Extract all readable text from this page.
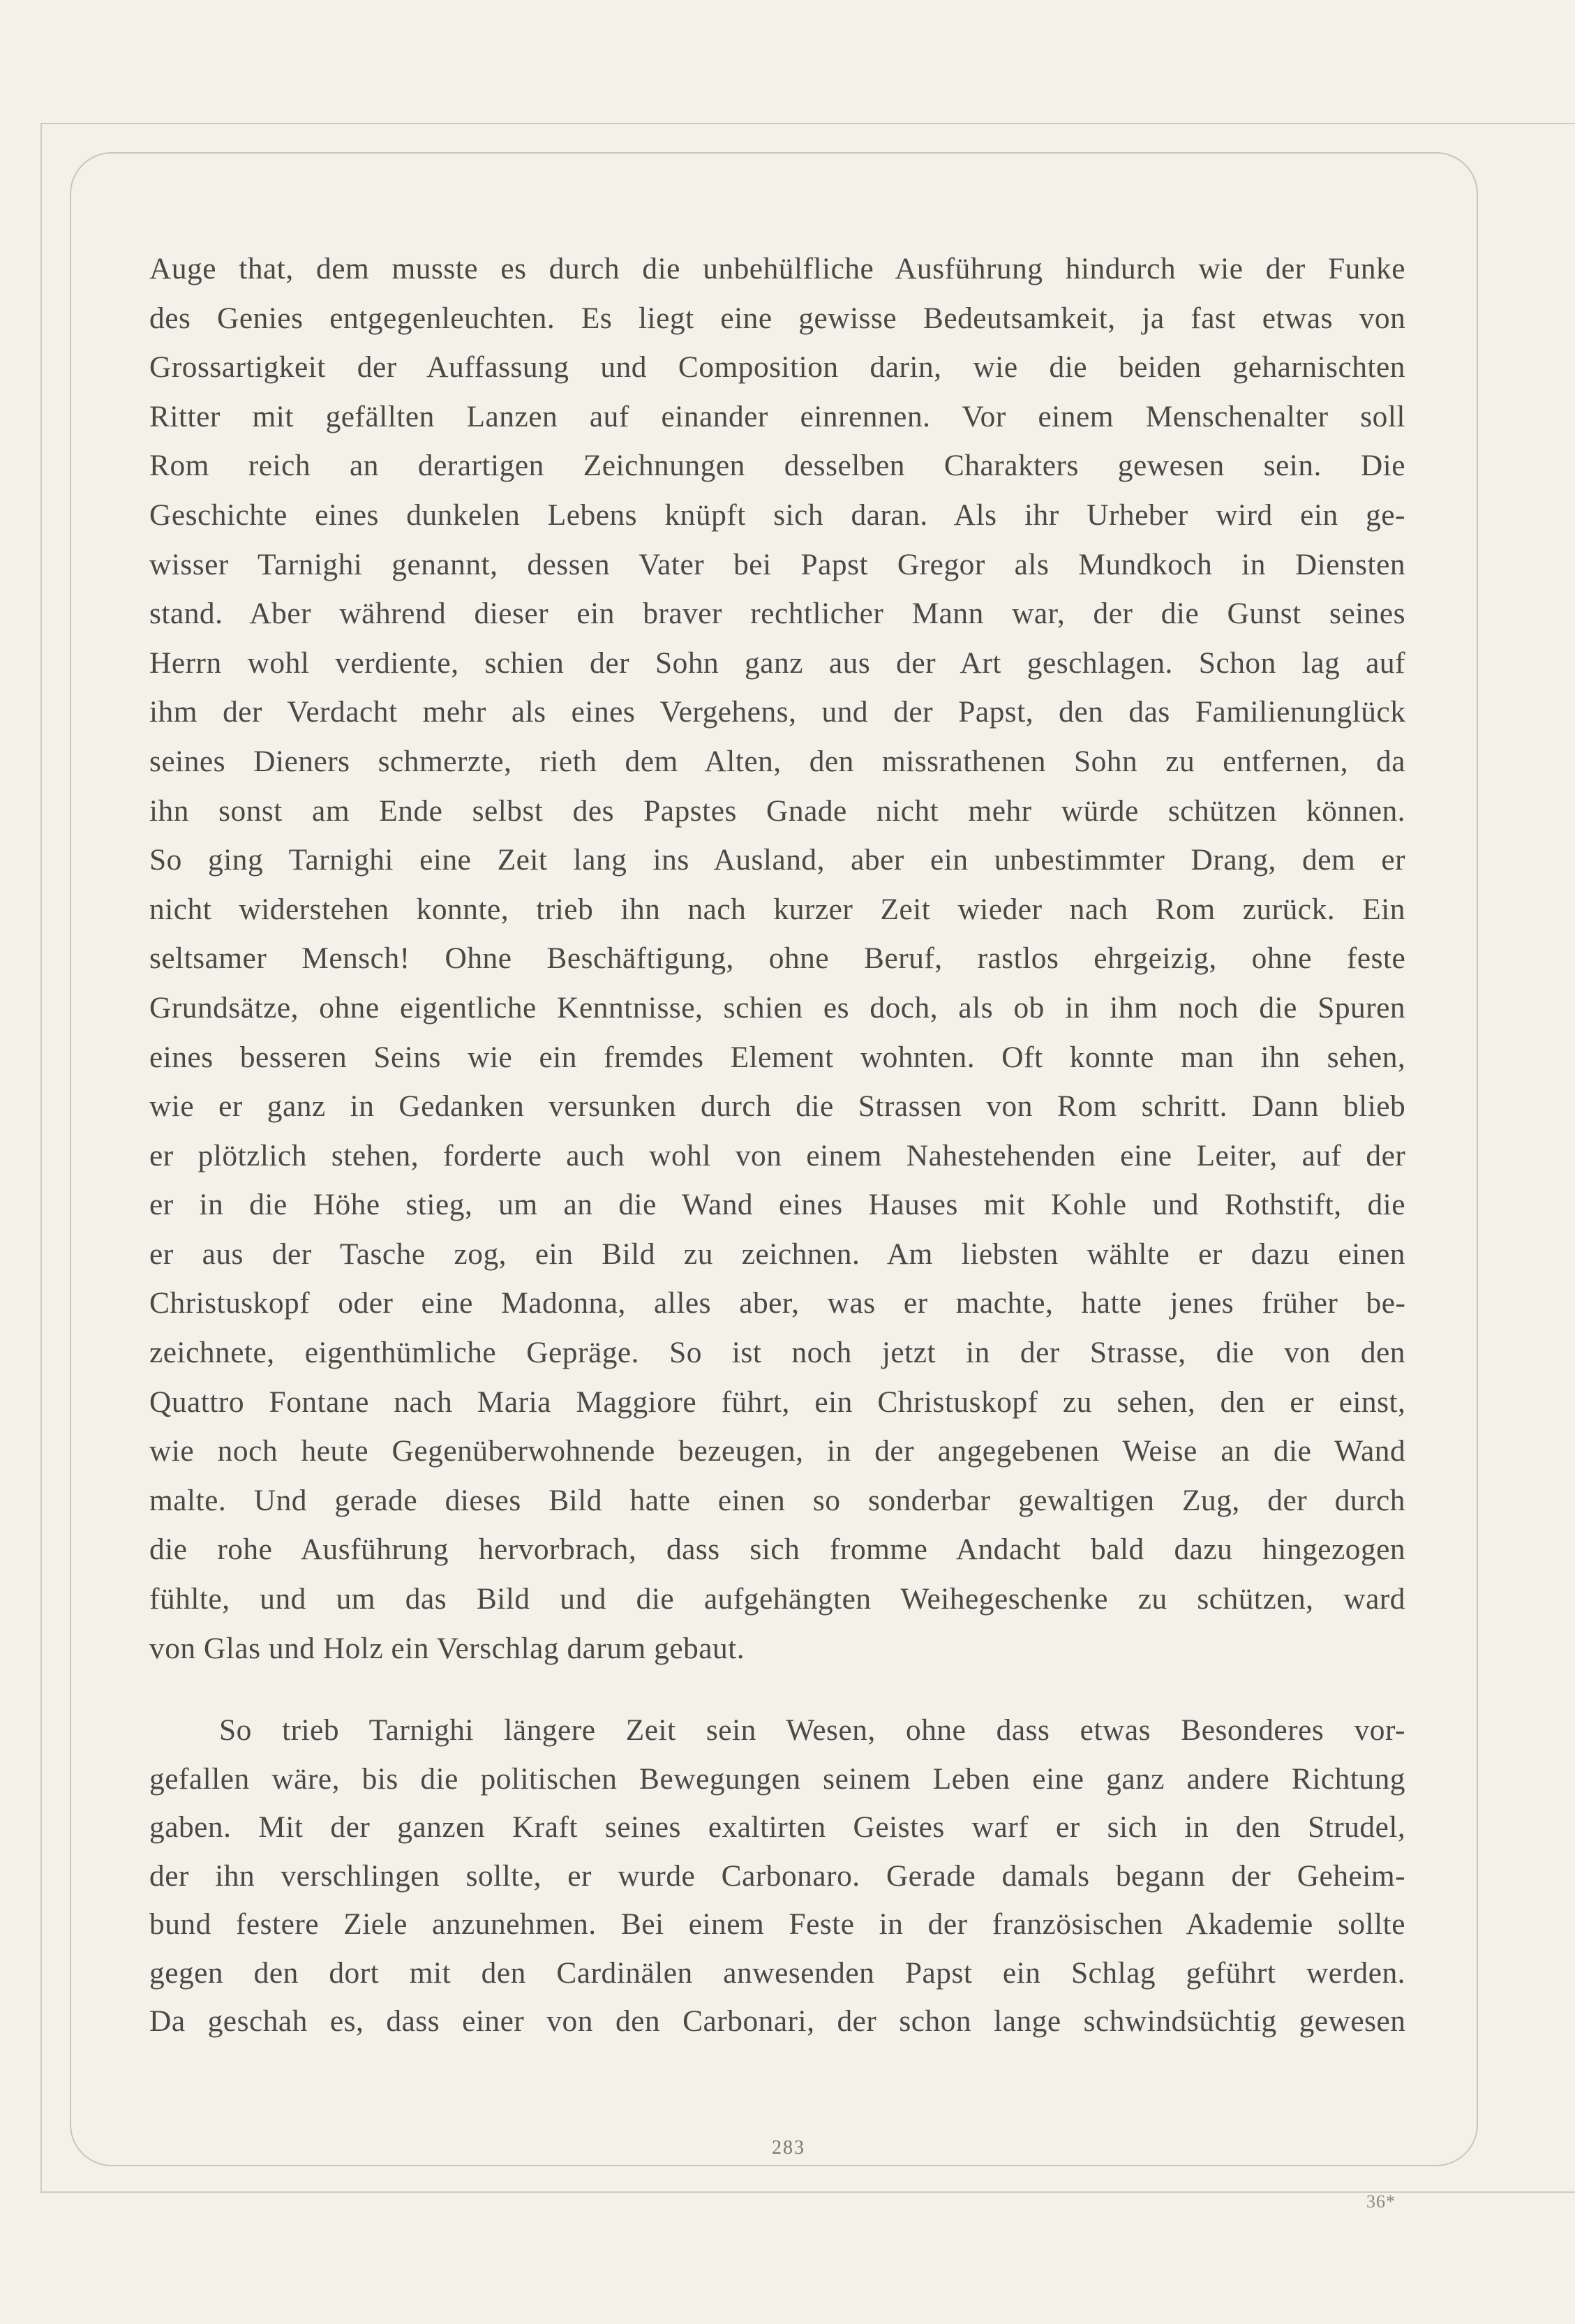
Auge that, dem musste es durch die unbehülfliche Ausführung hindurch wie der Funke
des Genies entgegenleuchten. Es liegt eine gewisse Bedeutsamkeit, ja fast etwas von
Grossartigkeit der Auffassung und Composition darin, wie die beiden geharnischten
Ritter mit gefällten Lanzen auf einander einrennen. Vor einem Menschenalter soll
Rom reich an derartigen Zeichnungen desselben Charakters gewesen sein. Die
Geschichte eines dunkelen Lebens knüpft sich daran. Als ihr Urheber wird ein ge-
wisser Tarnighi genannt, dessen Vater bei Papst Gregor als Mundkoch in Diensten
stand. Aber während dieser ein braver rechtlicher Mann war, der die Gunst seines
Herrn wohl verdiente, schien der Sohn ganz aus der Art geschlagen. Schon lag auf
ihm der Verdacht mehr als eines Vergehens, und der Papst, den das Familienunglück
seines Dieners schmerzte, rieth dem Alten, den missrathenen Sohn zu entfernen, da
ihn sonst am Ende selbst des Papstes Gnade nicht mehr würde schützen können.
So ging Tarnighi eine Zeit lang ins Ausland, aber ein unbestimmter Drang, dem er
nicht widerstehen konnte, trieb ihn nach kurzer Zeit wieder nach Rom zurück. Ein
seltsamer Mensch! Ohne Beschäftigung, ohne Beruf, rastlos ehrgeizig, ohne feste
Grundsätze, ohne eigentliche Kenntnisse, schien es doch, als ob in ihm noch die Spuren
eines besseren Seins wie ein fremdes Element wohnten. Oft konnte man ihn sehen,
wie er ganz in Gedanken versunken durch die Strassen von Rom schritt. Dann blieb
er plötzlich stehen, forderte auch wohl von einem Nahestehenden eine Leiter, auf der
er in die Höhe stieg, um an die Wand eines Hauses mit Kohle und Rothstift, die
er aus der Tasche zog, ein Bild zu zeichnen. Am liebsten wählte er dazu einen
Christuskopf oder eine Madonna, alles aber, was er machte, hatte jenes früher be-
zeichnete, eigenthümliche Gepräge. So ist noch jetzt in der Strasse, die von den
Quattro Fontane nach Maria Maggiore führt, ein Christuskopf zu sehen, den er einst,
wie noch heute Gegenüberwohnende bezeugen, in der angegebenen Weise an die Wand
malte. Und gerade dieses Bild hatte einen so sonderbar gewaltigen Zug, der durch
die rohe Ausführung hervorbrach, dass sich fromme Andacht bald dazu hingezogen
fühlte, und um das Bild und die aufgehängten Weihegeschenke zu schützen, ward
von Glas und Holz ein Verschlag darum gebaut.
So trieb Tarnighi längere Zeit sein Wesen, ohne dass etwas Besonderes vor-
gefallen wäre, bis die politischen Bewegungen seinem Leben eine ganz andere Richtung
gaben. Mit der ganzen Kraft seines exaltirten Geistes warf er sich in den Strudel,
der ihn verschlingen sollte, er wurde Carbonaro. Gerade damals begann der Geheim-
bund festere Ziele anzunehmen. Bei einem Feste in der französischen Akademie sollte
gegen den dort mit den Cardinälen anwesenden Papst ein Schlag geführt werden.
Da geschah es, dass einer von den Carbonari, der schon lange schwindsüchtig gewesen
283
36*
